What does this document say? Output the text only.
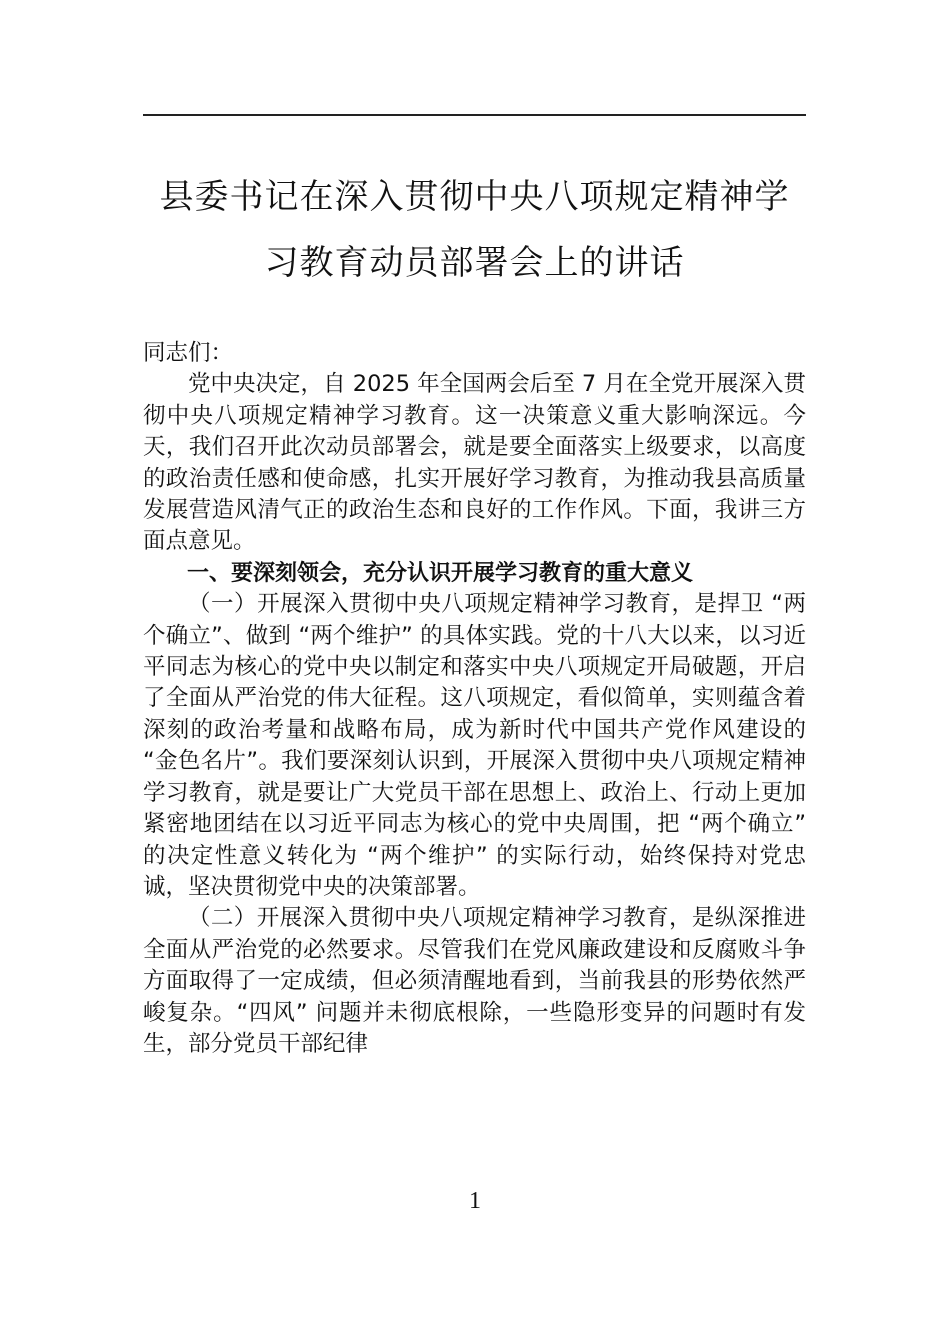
县委书记在深入贯彻中央八项规定精神学
习教育动员部署会上的讲话

同志们：

党中央决定，自 2025 年全国两会后至 7 月在全党开展深入贯彻中央八项规定精神学习教育。这一决策意义重大影响深远。今天，我们召开此次动员部署会，就是要全面落实上级要求，以高度的政治责任感和使命感，扎实开展好学习教育，为推动我县高质量发展营造风清气正的政治生态和良好的工作作风。下面，我讲三方面点意见。

一、要深刻领会，充分认识开展学习教育的重大意义

（一）开展深入贯彻中央八项规定精神学习教育，是捍卫 “两个确立”、做到 “两个维护” 的具体实践。党的十八大以来，以习近平同志为核心的党中央以制定和落实中央八项规定开局破题，开启了全面从严治党的伟大征程。这八项规定，看似简单，实则蕴含着深刻的政治考量和战略布局，成为新时代中国共产党作风建设的 “金色名片”。我们要深刻认识到，开展深入贯彻中央八项规定精神学习教育，就是要让广大党员干部在思想上、政治上、行动上更加紧密地团结在以习近平同志为核心的党中央周围，把 “两个确立” 的决定性意义转化为 “两个维护” 的实际行动，始终保持对党忠诚，坚决贯彻党中央的决策部署。

（二）开展深入贯彻中央八项规定精神学习教育，是纵深推进全面从严治党的必然要求。尽管我们在党风廉政建设和反腐败斗争方面取得了一定成绩，但必须清醒地看到，当前我县的形势依然严峻复杂。“四风” 问题并未彻底根除，一些隐形变异的问题时有发生，部分党员干部纪律

1
